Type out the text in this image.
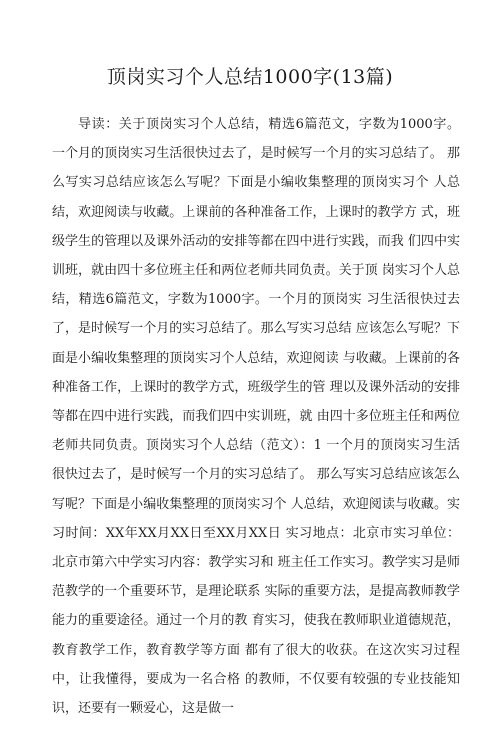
顶岗实习个人总结1000字(13篇)

导读：关于顶岗实习个人总结，精选6篇范文，字数为1000字。 一个月的顶岗实习生活很快过去了，是时候写一个月的实习总结了。 那么写实习总结应该怎么写呢？下面是小编收集整理的顶岗实习个 人总结，欢迎阅读与收藏。上课前的各种准备工作，上课时的教学方 式，班级学生的管理以及课外活动的安排等都在四中进行实践，而我 们四中实训班，就由四十多位班主任和两位老师共同负责。关于顶 岗实习个人总结，精选6篇范文，字数为1000字。一个月的顶岗实 习生活很快过去了，是时候写一个月的实习总结了。那么写实习总结 应该怎么写呢？下面是小编收集整理的顶岗实习个人总结，欢迎阅读 与收藏。上课前的各种准备工作，上课时的教学方式，班级学生的管 理以及课外活动的安排等都在四中进行实践，而我们四中实训班，就 由四十多位班主任和两位老师共同负责。顶岗实习个人总结（范文）：1 一个月的顶岗实习生活很快过去了，是时候写一个月的实习总结了。 那么写实习总结应该怎么写呢？下面是小编收集整理的顶岗实习个 人总结，欢迎阅读与收藏。实习时间：XX年XX月XX日至XX月XX日 实习地点：北京市实习单位：北京市第六中学实习内容：教学实习和 班主任工作实习。教学实习是师范教学的一个重要环节，是理论联系 实际的重要方法，是提高教师教学能力的重要途径。通过一个月的教 育实习，使我在教师职业道德规范，教育教学工作，教育教学等方面 都有了很大的收获。在这次实习过程中，让我懂得，要成为一名合格 的教师，不仅要有较强的专业技能知识，还要有一颗爱心，这是做一
